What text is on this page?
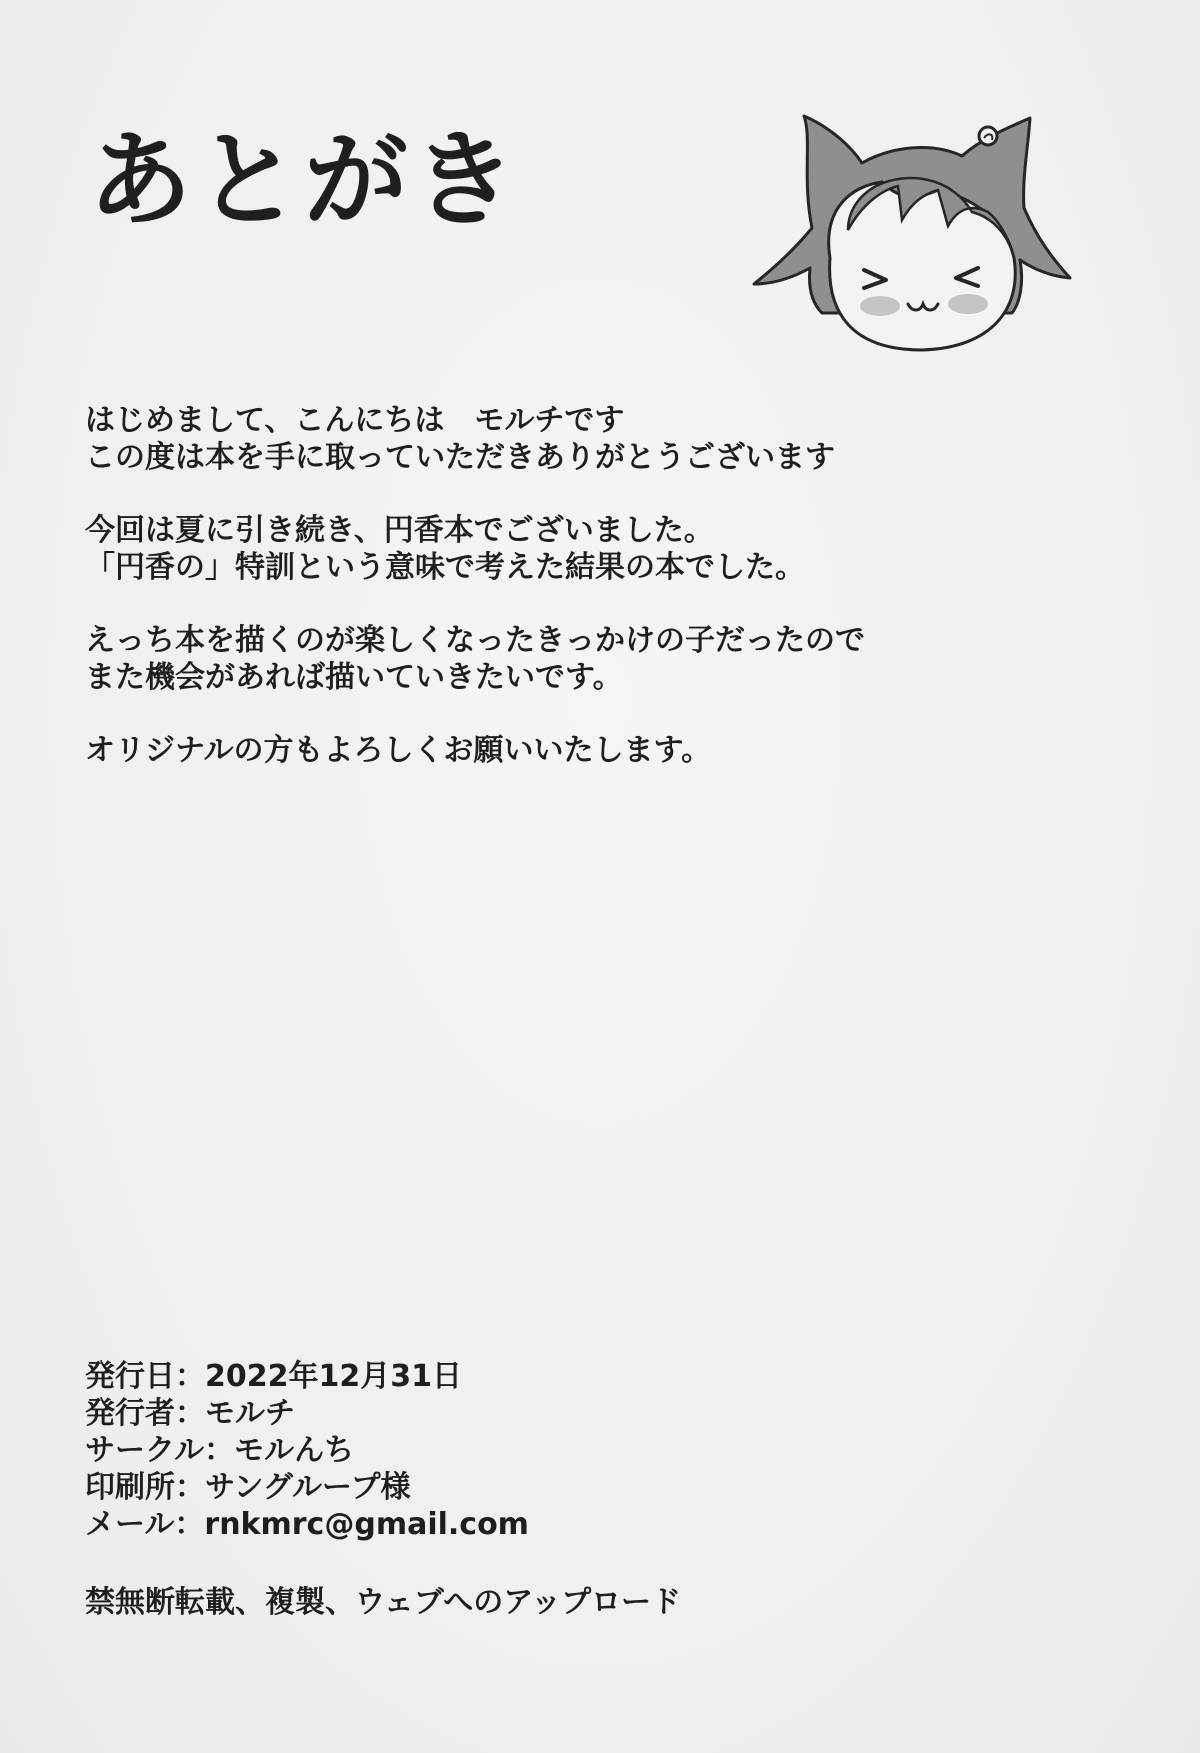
あとがき

はじめまして、こんにちは　モルチです
この度は本を手に取っていただきありがとうございます

今回は夏に引き続き、円香本でございました。
「円香の」特訓という意味で考えた結果の本でした。

えっち本を描くのが楽しくなったきっかけの子だったので
また機会があれば描いていきたいです。

オリジナルの方もよろしくお願いいたします。

発行日：2022年12月31日
発行者：モルチ
サークル：モルんち
印刷所：サングループ様
メール：rnkmrc@gmail.com
禁無断転載、複製、ウェブへのアップロード
